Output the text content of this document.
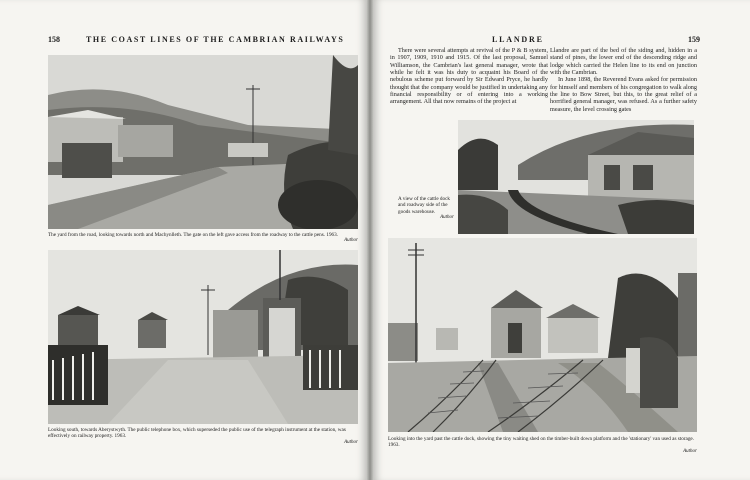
158	THE COAST LINES OF THE CAMBRIAN RAILWAYS
The yard from the road, looking towards north and Machynlleth. The gate on the left gave access from the roadway to the cattle pens. 1963.
Author
Looking south, towards Aberystwyth. The public telephone box, which superseded the public use of the telegraph instrument at the station, was effectively on railway property. 1963.
Author
LLANDRE	159

There were several attempts at revival of the P & B system, in 1907, 1909, 1910 and 1915. Of the last proposal, Samuel Williamson, the Cambrian's last general manager, wrote that while he felt it was his duty to acquaint his Board of the nebulous scheme put forward by Sir Edward Pryce, he hardly thought that the company would be justified in undertaking any financial responsibility or of entering into a working arrangement. All that now remains of the project at

Llandre are part of the bed of the siding and, hidden in a stand of pines, the lower end of the descending ridge and lodge which carried the Helen line to its end on junction with the Cambrian.

In June 1898, the Reverend Evans asked for permission for himself and members of his congregation to walk along the line to Bow Street, but this, to the great relief of a horrified general manager, was refused. As a further safety measure, the level crossing gates

A view of the cattle dock and roadway side of the goods warehouse.
Author
Looking into the yard past the cattle dock, showing the tiny waiting shed on the timber-built down platform and the 'stationary' van used as storage. 1963.
Author
